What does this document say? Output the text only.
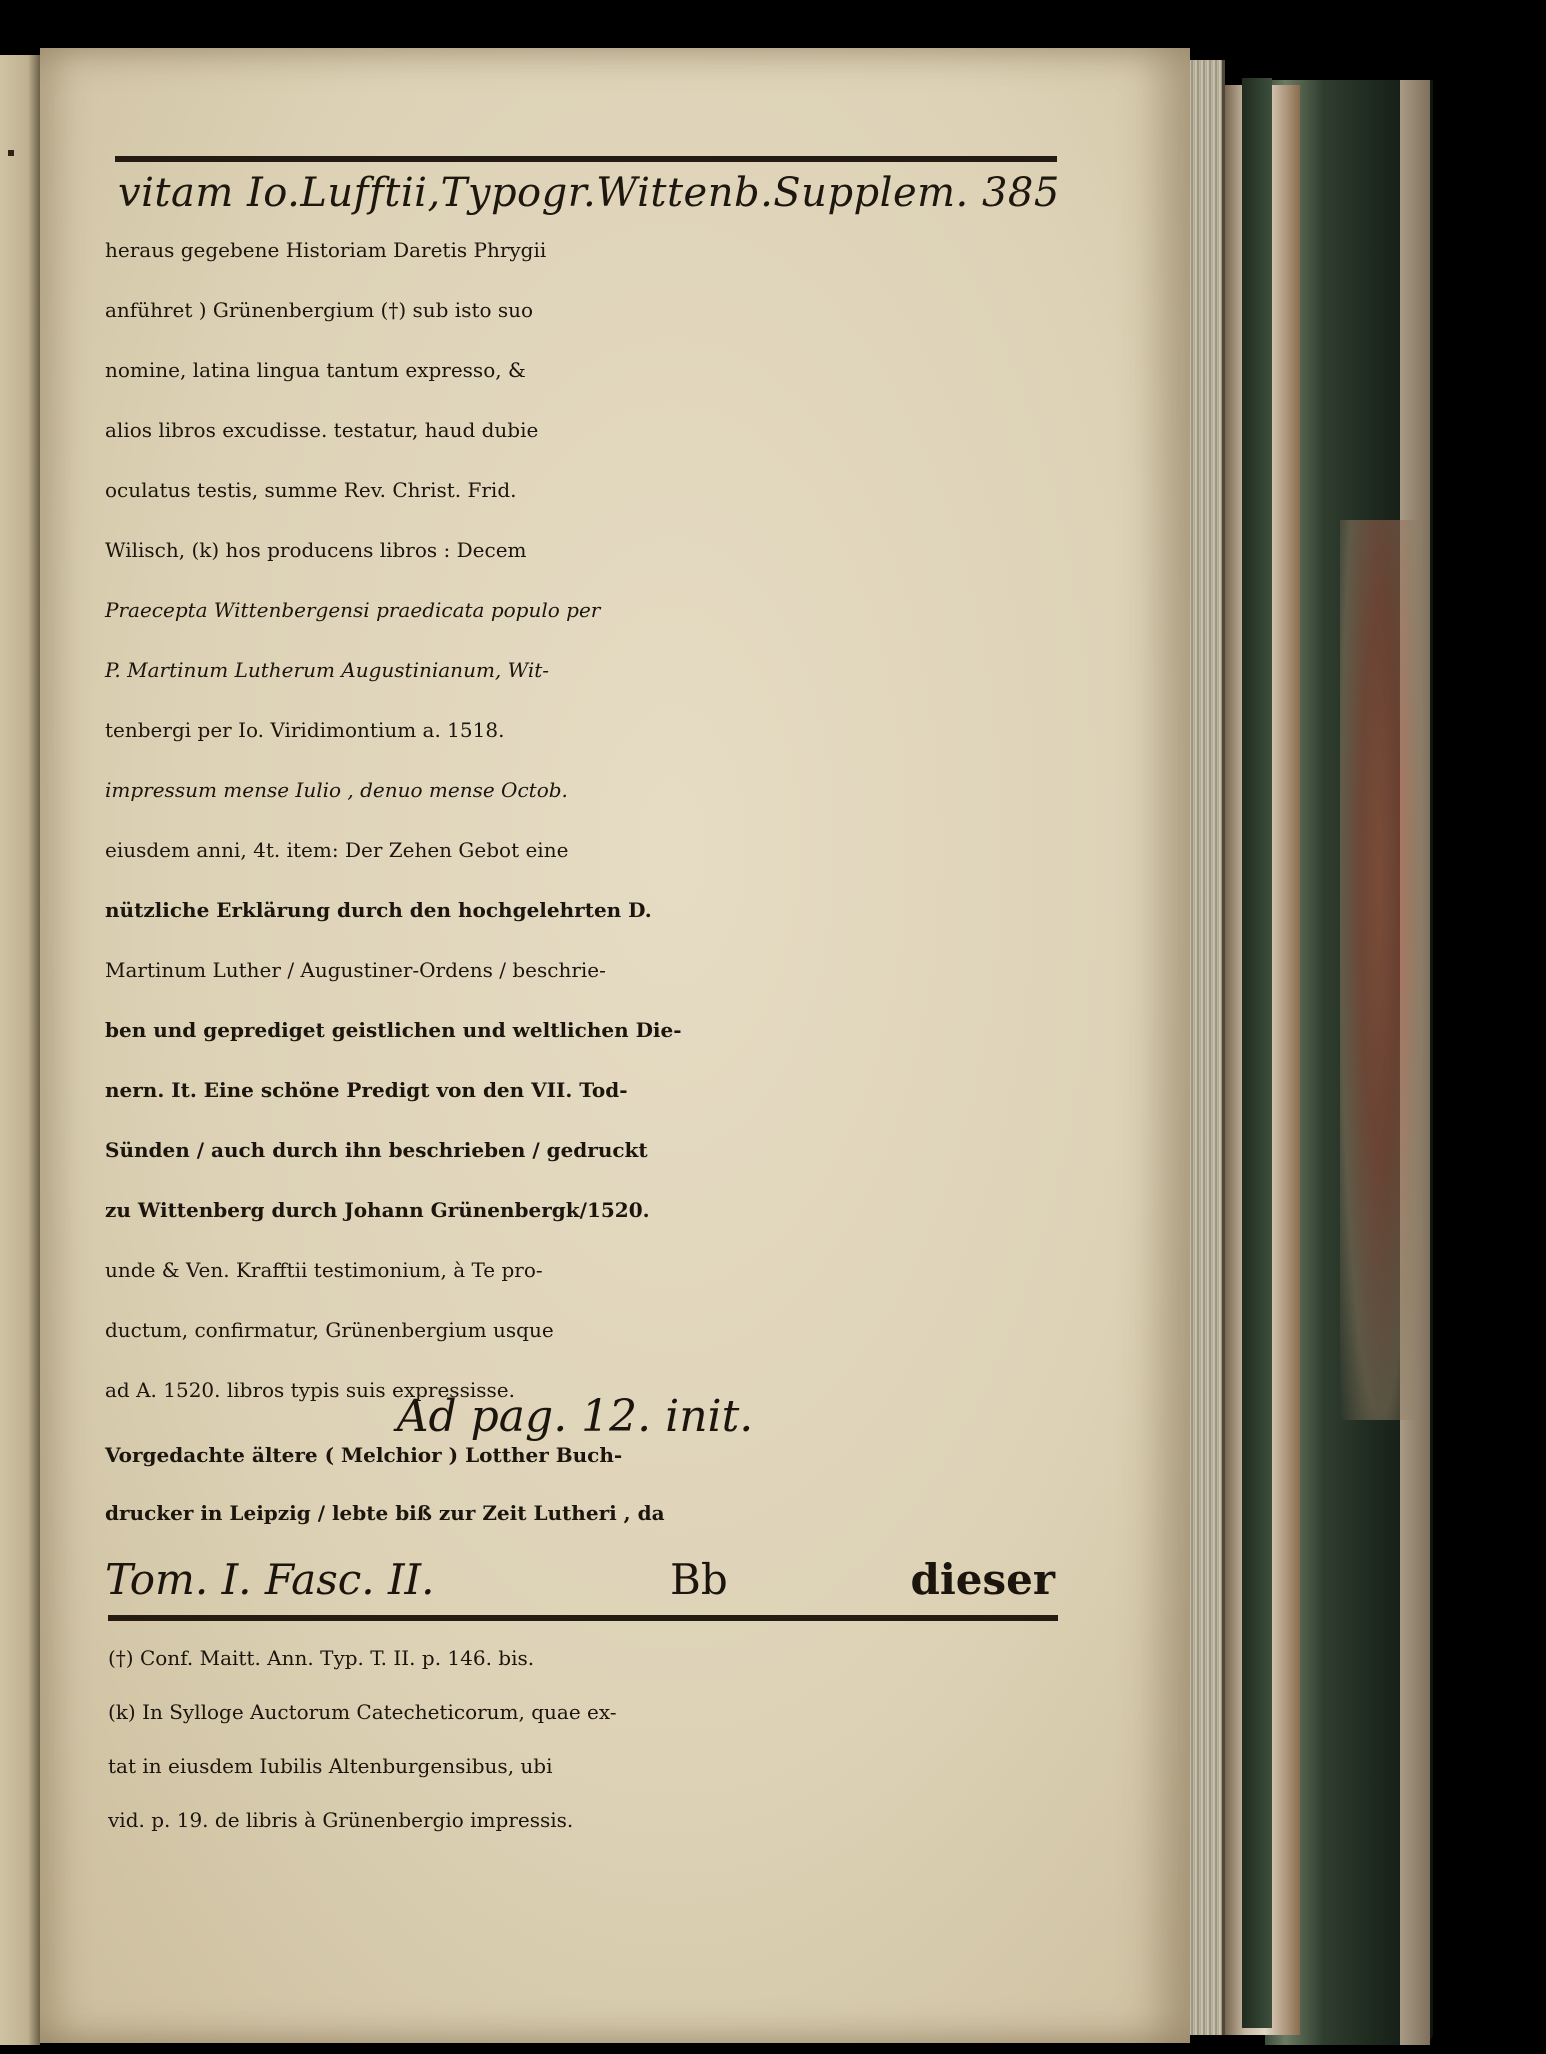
vitam Io.Lufftii,Typogr.Wittenb.Supplem. 385
heraus gegebene Historiam Daretis Phrygii
anführet ) Grünenbergium (†) sub isto suo
nomine, latina lingua tantum expresso, &
alios libros excudisse. testatur, haud dubie
oculatus testis, summe Rev. Christ. Frid.
Wilisch, (k) hos producens libros : Decem
Praecepta Wittenbergensi praedicata populo per
P. Martinum Lutherum Augustinianum, Wit-
tenbergi per Io. Viridimontium a. 1518.
impressum mense Iulio , denuo mense Octob.
eiusdem anni, 4t. item: Der Zehen Gebot eine
nützliche Erklärung durch den hochgelehrten D.
Martinum Luther / Augustiner-Ordens / beschrie-
ben und geprediget geistlichen und weltlichen Die-
nern. It. Eine schöne Predigt von den VII. Tod-
Sünden / auch durch ihn beschrieben / gedruckt
zu Wittenberg durch Johann Grünenbergk/1520.
unde & Ven. Krafftii testimonium, à Te pro-
ductum, confirmatur, Grünenbergium usque
ad A. 1520. libros typis suis expressisse.
Ad pag. 12. init.
Vorgedachte ältere ( Melchior ) Lotther Buch-
drucker in Leipzig / lebte biß zur Zeit Lutheri , da
Tom. I. Fasc. II.	Bb	dieser
(†) Conf. Maitt. Ann. Typ. T. II. p. 146. bis.
(k) In Sylloge Auctorum Catecheticorum, quae ex-
tat in eiusdem Iubilis Altenburgensibus, ubi
vid. p. 19. de libris à Grünenbergio impressis.
